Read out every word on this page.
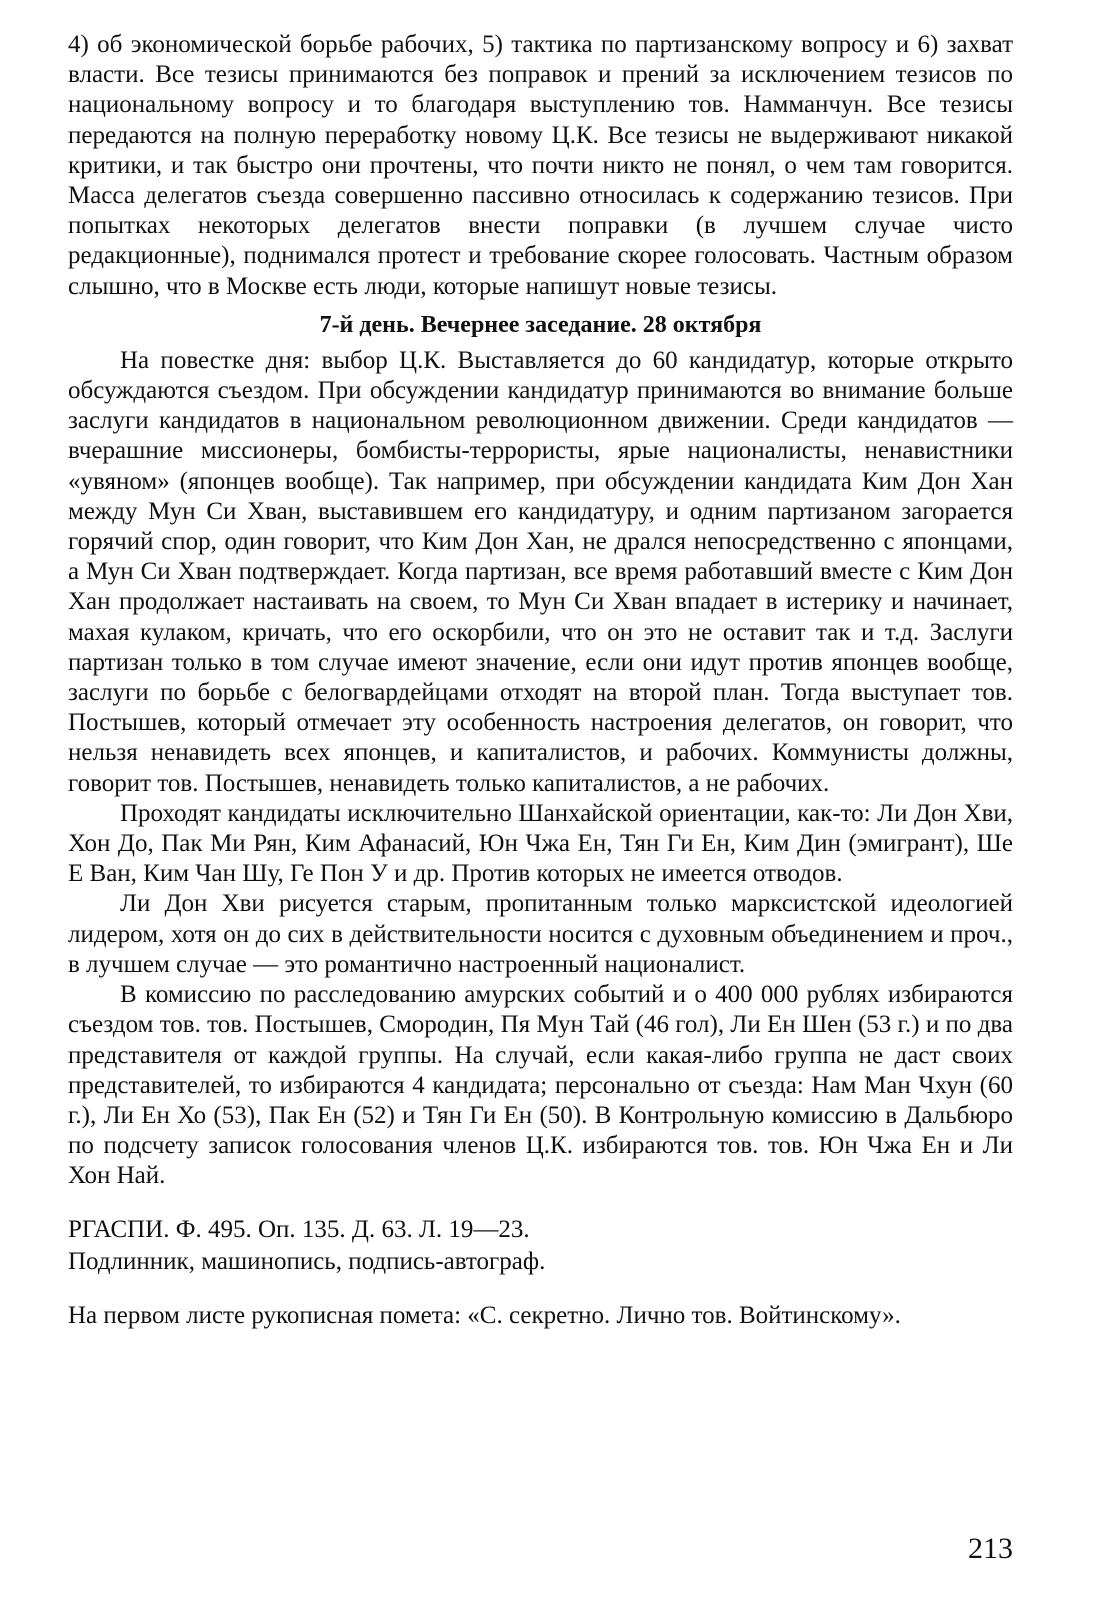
4) об экономической борьбе рабочих, 5) тактика по партизанскому вопросу и 6) захват власти. Все тезисы принимаются без поправок и прений за исключением тезисов по национальному вопросу и то благодаря выступлению тов. Намманчун. Все тезисы передаются на полную переработку новому Ц.К. Все тезисы не выдерживают никакой критики, и так быстро они прочтены, что почти никто не понял, о чем там говорится. Масса делегатов съезда совершенно пассивно относилась к содержанию тезисов. При попытках некоторых делегатов внести поправки (в лучшем случае чисто редакционные), поднимался протест и требование скорее голосовать. Частным образом слышно, что в Москве есть люди, которые напишут новые тезисы.

7-й день. Вечернее заседание. 28 октября

На повестке дня: выбор Ц.К. Выставляется до 60 кандидатур, которые открыто обсуждаются съездом. При обсуждении кандидатур принимаются во внимание больше заслуги кандидатов в национальном революционном движении. Среди кандидатов — вчерашние миссионеры, бомбисты-террористы, ярые националисты, ненавистники «увяном» (японцев вообще). Так например, при обсуждении кандидата Ким Дон Хан между Мун Си Хван, выставившем его кандидатуру, и одним партизаном загорается горячий спор, один говорит, что Ким Дон Хан, не дрался непосредственно с японцами, а Мун Си Хван подтверждает. Когда партизан, все время работавший вместе с Ким Дон Хан продолжает настаивать на своем, то Мун Си Хван впадает в истерику и начинает, махая кулаком, кричать, что его оскорбили, что он это не оставит так и т.д. Заслуги партизан только в том случае имеют значение, если они идут против японцев вообще, заслуги по борьбе с белогвардейцами отходят на второй план. Тогда выступает тов. Постышев, который отмечает эту особенность настроения делегатов, он говорит, что нельзя ненавидеть всех японцев, и капиталистов, и рабочих. Коммунисты должны, говорит тов. Постышев, ненавидеть только капиталистов, а не рабочих.

Проходят кандидаты исключительно Шанхайской ориентации, как-то: Ли Дон Хви, Хон До, Пак Ми Рян, Ким Афанасий, Юн Чжа Ен, Тян Ги Ен, Ким Дин (эмигрант), Ше Е Ван, Ким Чан Шу, Ге Пон У и др. Против которых не имеется отводов.

Ли Дон Хви рисуется старым, пропитанным только марксистской идеологией лидером, хотя он до сих в действительности носится с духовным объединением и проч., в лучшем случае — это романтично настроенный националист.

В комиссию по расследованию амурских событий и о 400 000 рублях избираются съездом тов. тов. Постышев, Смородин, Пя Мун Тай (46 гол), Ли Ен Шен (53 г.) и по два представителя от каждой группы. На случай, если какая-либо группа не даст своих представителей, то избираются 4 кандидата; персонально от съезда: Нам Ман Чхун (60 г.), Ли Ен Хо (53), Пак Ен (52) и Тян Ги Ен (50). В Контрольную комиссию в Дальбюро по подсчету записок голосования членов Ц.К. избираются тов. тов. Юн Чжа Ен и Ли Хон Най.

РГАСПИ. Ф. 495. Оп. 135. Д. 63. Л. 19—23.

Подлинник, машинопись, подпись-автограф.

На первом листе рукописная помета: «С. секретно. Лично тов. Войтинскому».
213
